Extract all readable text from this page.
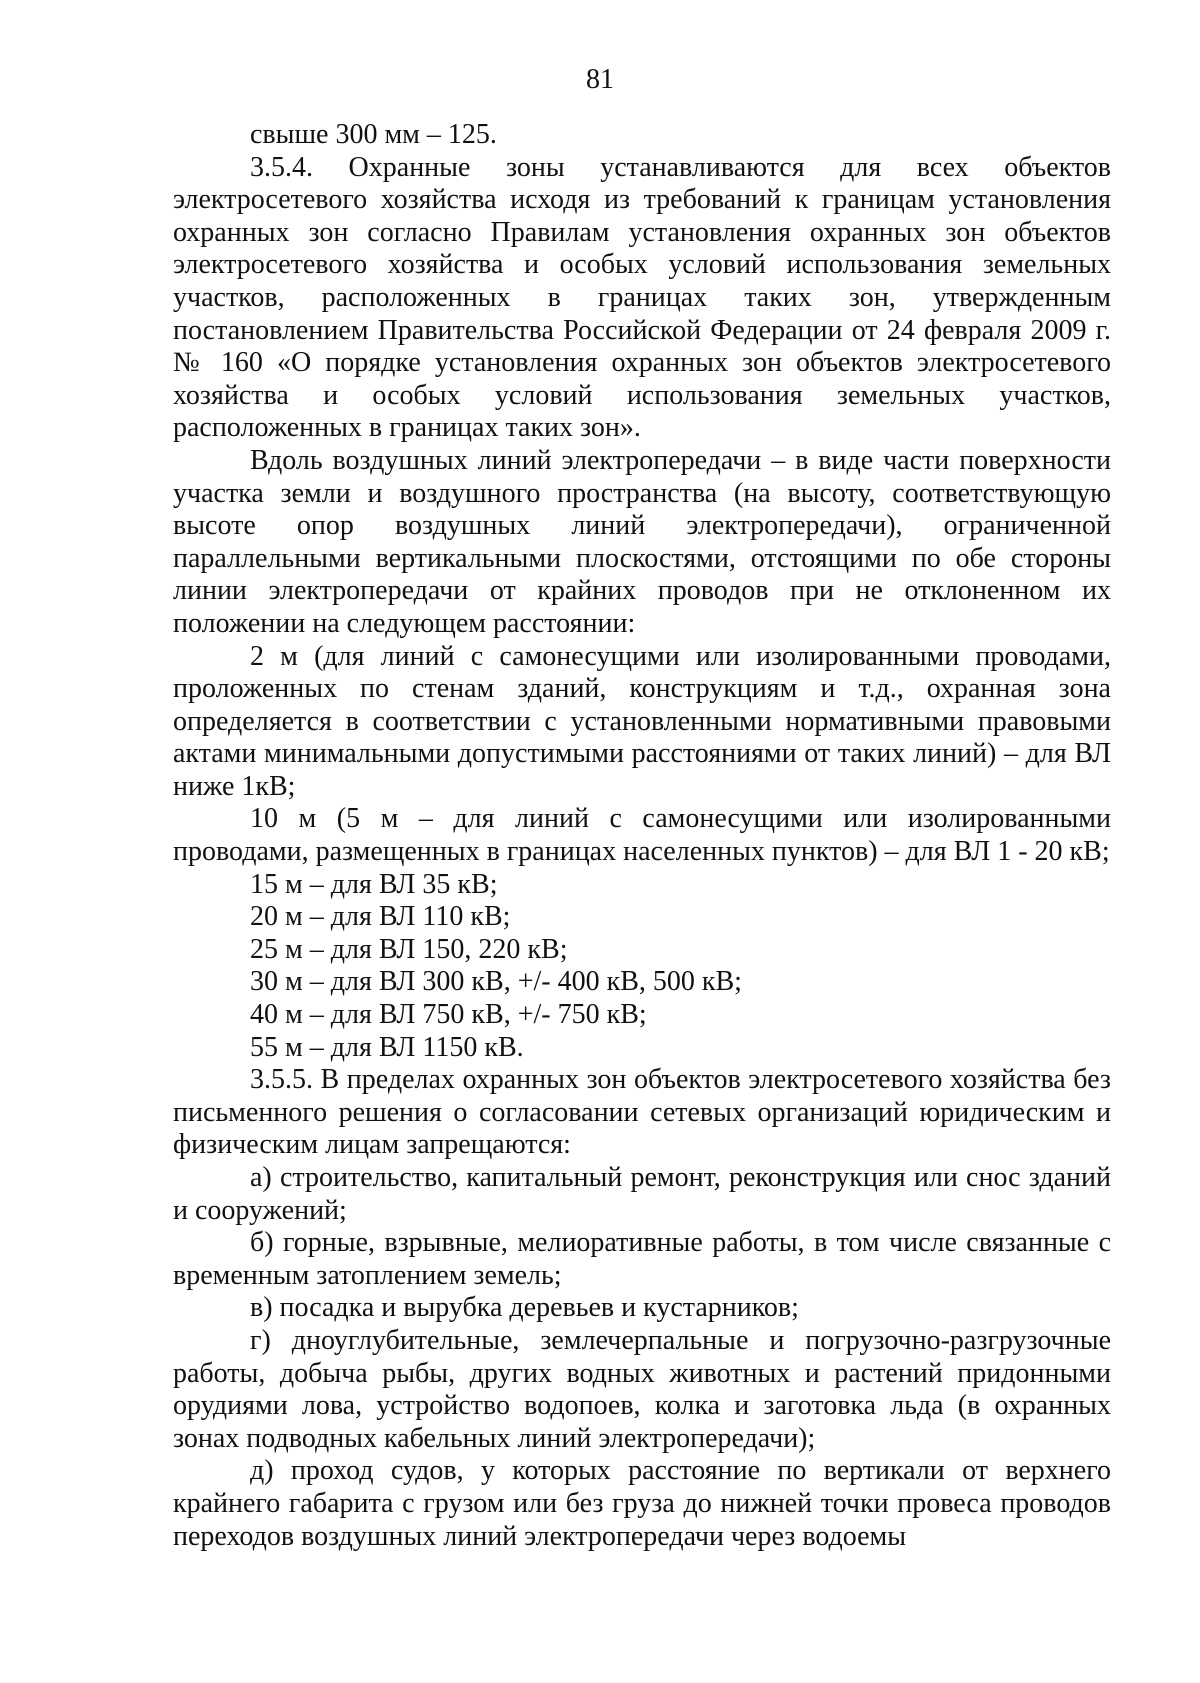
81

свыше 300 мм – 125.

3.5.4. Охранные зоны устанавливаются для всех объектов электросетевого хозяйства исходя из требований к границам установления охранных зон согласно Правилам установления охранных зон объектов электросетевого хозяйства и особых условий использования земельных участков, расположенных в границах таких зон, утвержденным постановлением Правительства Российской Федерации от 24 февраля 2009 г. № 160 «О порядке установления охранных зон объектов электросетевого хозяйства и особых условий использования земельных участков, расположенных в границах таких зон».

Вдоль воздушных линий электропередачи – в виде части поверхности участка земли и воздушного пространства (на высоту, соответствующую высоте опор воздушных линий электропередачи), ограниченной параллельными вертикальными плоскостями, отстоящими по обе стороны линии электропередачи от крайних проводов при не отклоненном их положении на следующем расстоянии:

2 м (для линий с самонесущими или изолированными проводами, проложенных по стенам зданий, конструкциям и т.д., охранная зона определяется в соответствии с установленными нормативными правовыми актами минимальными допустимыми расстояниями от таких линий) – для ВЛ ниже 1кВ;

10 м (5 м – для линий с самонесущими или изолированными проводами, размещенных в границах населенных пунктов) – для ВЛ 1 - 20 кВ;

15 м – для ВЛ 35 кВ;

20 м – для ВЛ 110 кВ;

25 м – для ВЛ 150, 220 кВ;

30 м – для ВЛ 300 кВ, +/- 400 кВ, 500 кВ;

40 м – для ВЛ 750 кВ, +/- 750 кВ;

55 м – для ВЛ 1150 кВ.

3.5.5. В пределах охранных зон объектов электросетевого хозяйства без письменного решения о согласовании сетевых организаций юридическим и физическим лицам запрещаются:

а) строительство, капитальный ремонт, реконструкция или снос зданий и сооружений;

б) горные, взрывные, мелиоративные работы, в том числе связанные с временным затоплением земель;

в) посадка и вырубка деревьев и кустарников;

г) дноуглубительные, землечерпальные и погрузочно-разгрузочные работы, добыча рыбы, других водных животных и растений придонными орудиями лова, устройство водопоев, колка и заготовка льда (в охранных зонах подводных кабельных линий электропередачи);

д) проход судов, у которых расстояние по вертикали от верхнего крайнего габарита с грузом или без груза до нижней точки провеса проводов переходов воздушных линий электропередачи через водоемы
